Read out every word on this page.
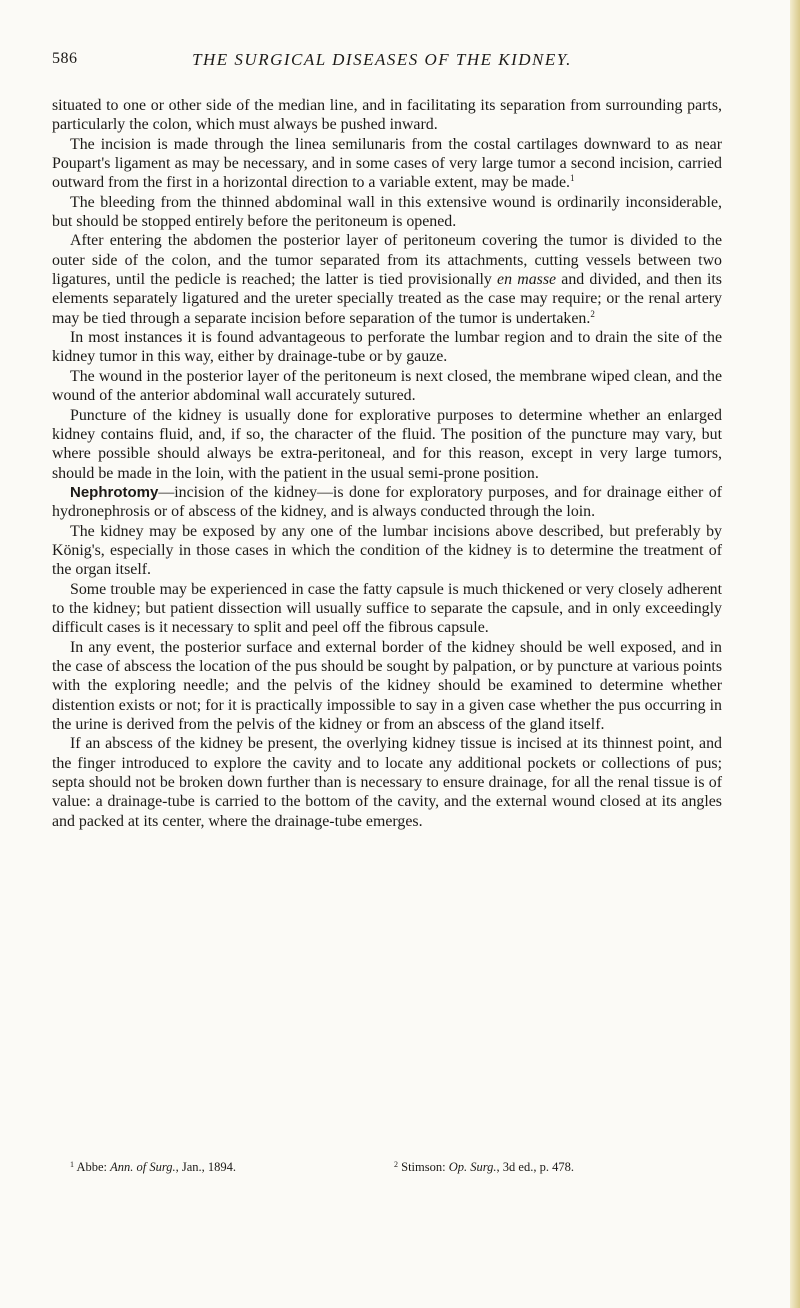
586	THE SURGICAL DISEASES OF THE KIDNEY.

situated to one or other side of the median line, and in facilitating its separation from surrounding parts, particularly the colon, which must always be pushed inward.

The incision is made through the linea semilunaris from the costal cartilages downward to as near Poupart's ligament as may be necessary, and in some cases of very large tumor a second incision, carried outward from the first in a horizontal direction to a variable extent, may be made.$^1$

The bleeding from the thinned abdominal wall in this extensive wound is ordinarily inconsiderable, but should be stopped entirely before the peritoneum is opened.

After entering the abdomen the posterior layer of peritoneum covering the tumor is divided to the outer side of the colon, and the tumor separated from its attachments, cutting vessels between two ligatures, until the pedicle is reached; the latter is tied provisionally en masse and divided, and then its elements separately ligatured and the ureter specially treated as the case may require; or the renal artery may be tied through a separate incision before separation of the tumor is undertaken.$^2$

In most instances it is found advantageous to perforate the lumbar region and to drain the site of the kidney tumor in this way, either by drainage-tube or by gauze.

The wound in the posterior layer of the peritoneum is next closed, the membrane wiped clean, and the wound of the anterior abdominal wall accurately sutured.

Puncture of the kidney is usually done for explorative purposes to determine whether an enlarged kidney contains fluid, and, if so, the character of the fluid. The position of the puncture may vary, but where possible should always be extra-peritoneal, and for this reason, except in very large tumors, should be made in the loin, with the patient in the usual semi-prone position.

Nephrotomy—incision of the kidney—is done for exploratory purposes, and for drainage either of hydronephrosis or of abscess of the kidney, and is always conducted through the loin.

The kidney may be exposed by any one of the lumbar incisions above described, but preferably by König's, especially in those cases in which the condition of the kidney is to determine the treatment of the organ itself.

Some trouble may be experienced in case the fatty capsule is much thickened or very closely adherent to the kidney; but patient dissection will usually suffice to separate the capsule, and in only exceedingly difficult cases is it necessary to split and peel off the fibrous capsule.

In any event, the posterior surface and external border of the kidney should be well exposed, and in the case of abscess the location of the pus should be sought by palpation, or by puncture at various points with the exploring needle; and the pelvis of the kidney should be examined to determine whether distention exists or not; for it is practically impossible to say in a given case whether the pus occurring in the urine is derived from the pelvis of the kidney or from an abscess of the gland itself.

If an abscess of the kidney be present, the overlying kidney tissue is incised at its thinnest point, and the finger introduced to explore the cavity and to locate any additional pockets or collections of pus; septa should not be broken down further than is necessary to ensure drainage, for all the renal tissue is of value: a drainage-tube is carried to the bottom of the cavity, and the external wound closed at its angles and packed at its center, where the drainage-tube emerges.

$^1$ Abbe: Ann. of Surg., Jan., 1894.	$^2$ Stimson: Op. Surg., 3d ed., p. 478.
